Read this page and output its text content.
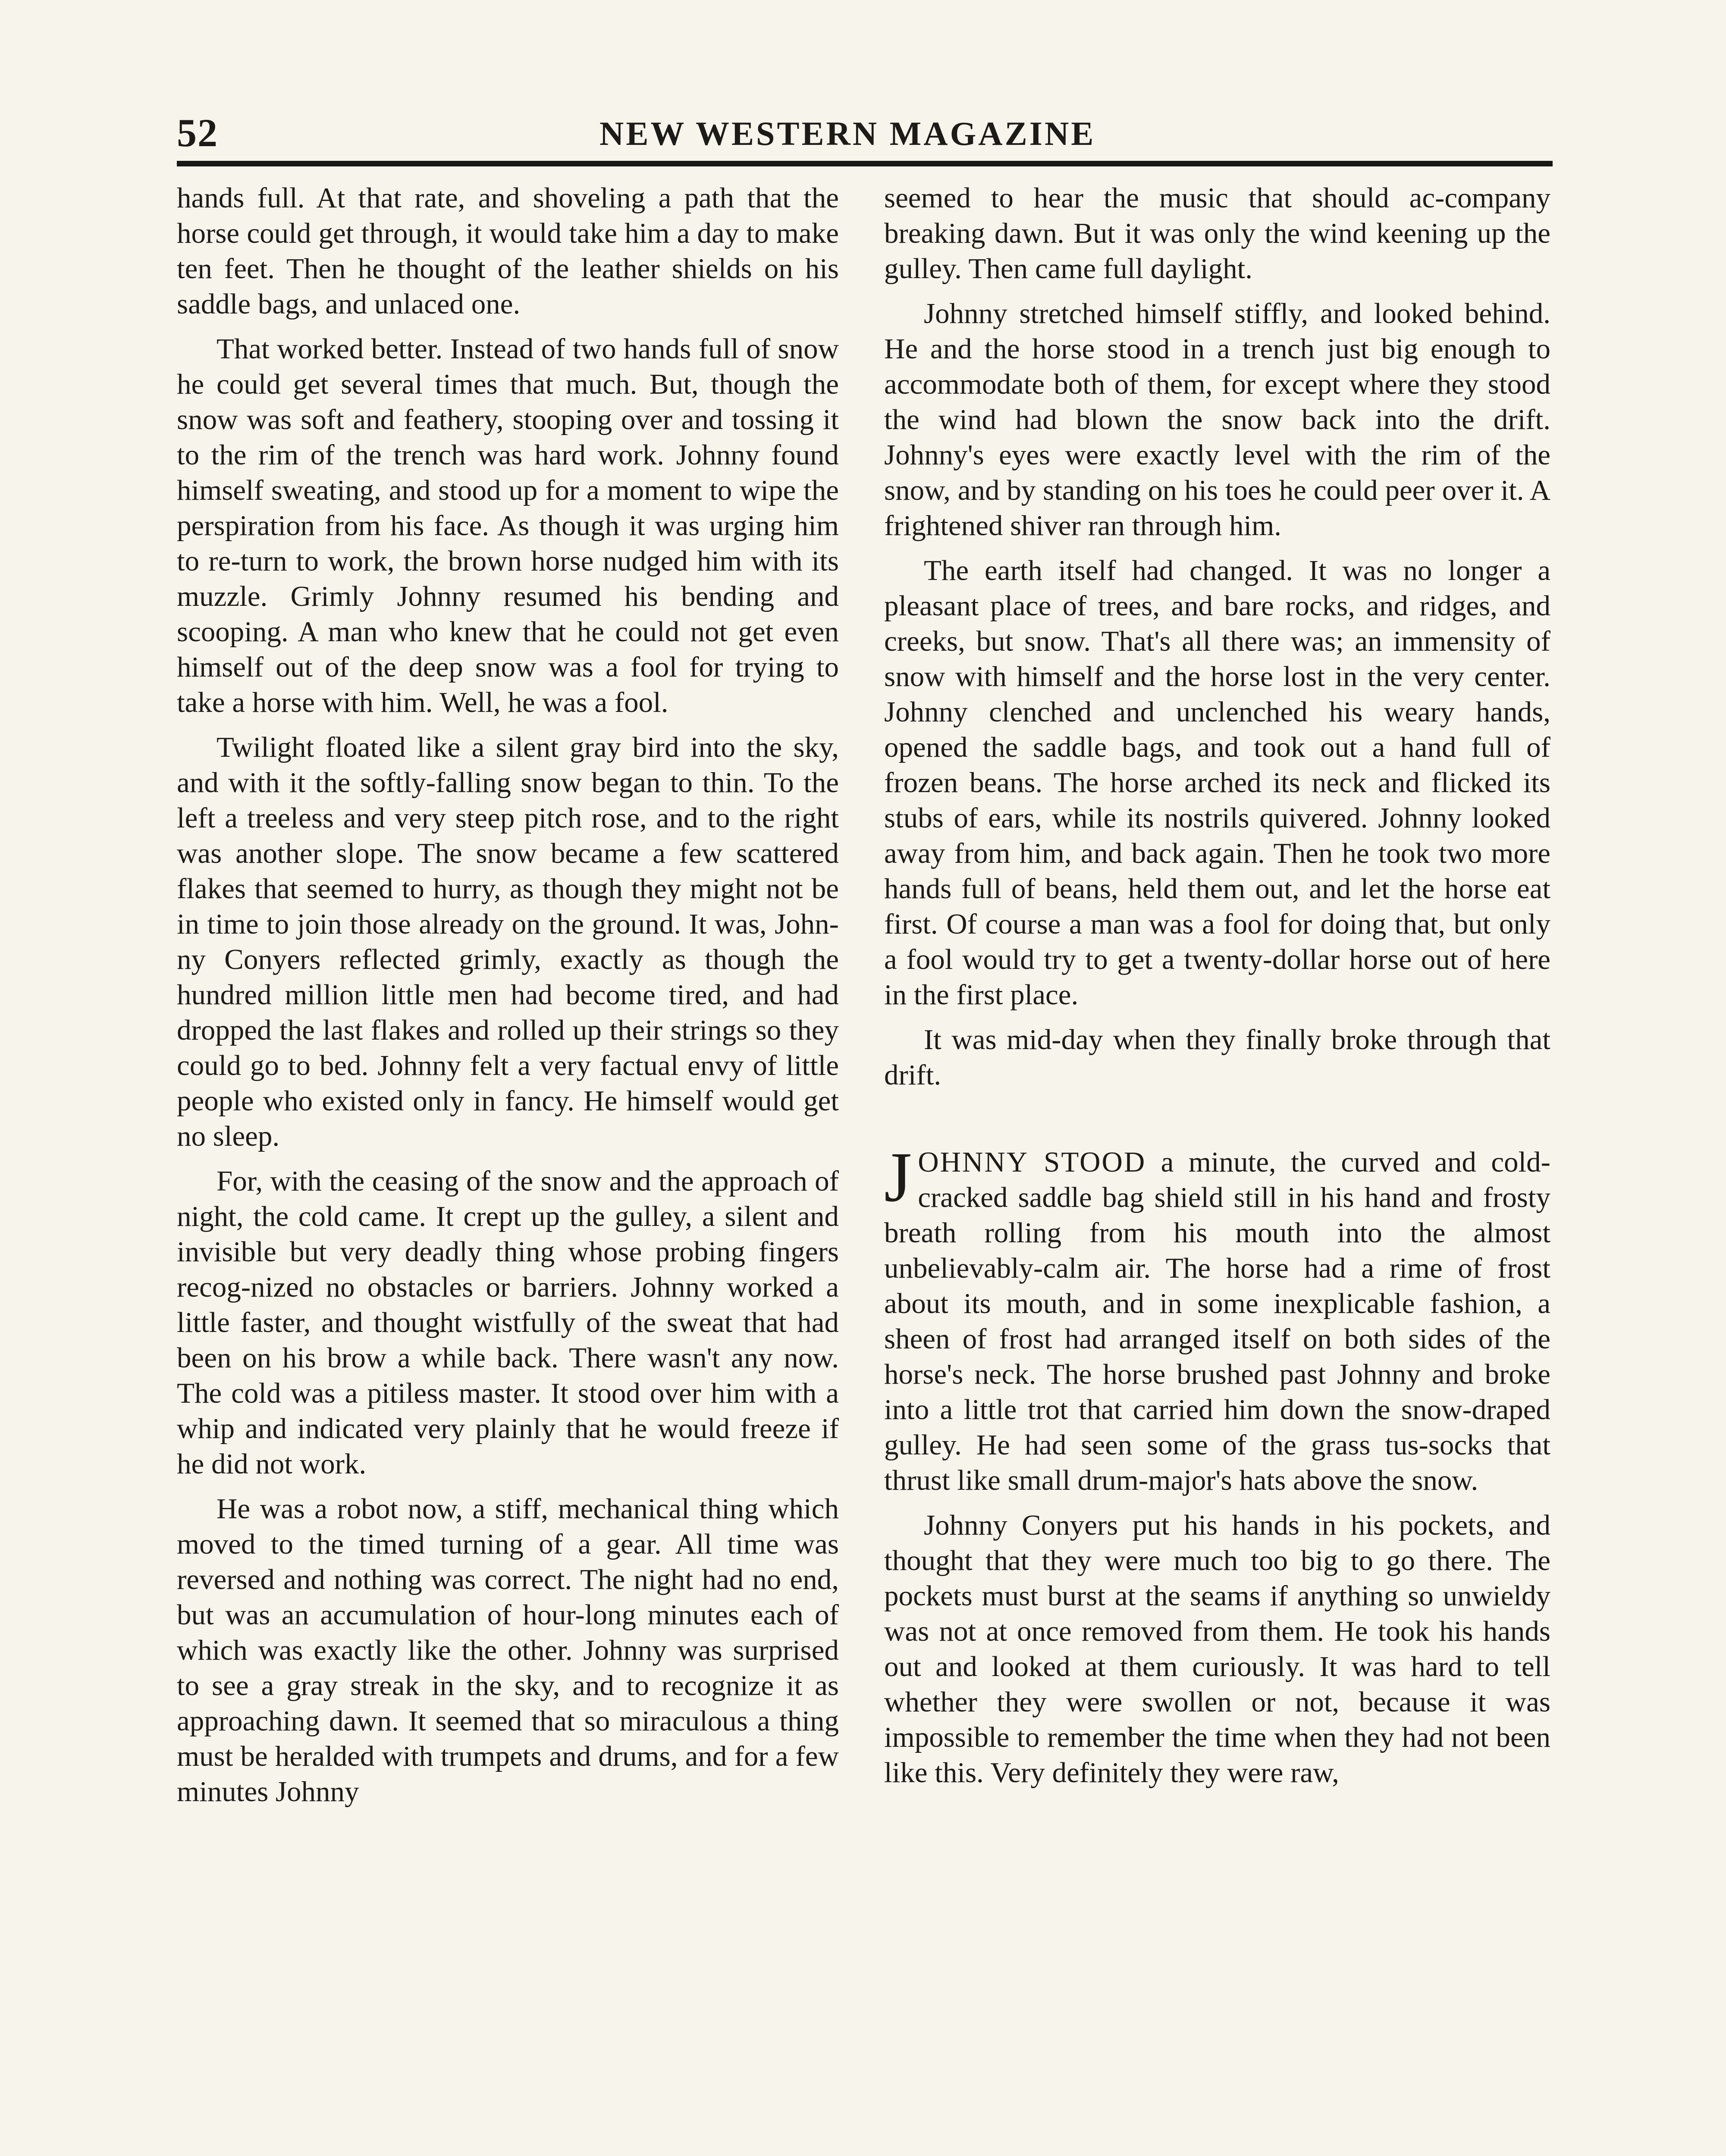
52	NEW WESTERN MAGAZINE

hands full. At that rate, and shoveling a path that the horse could get through, it would take him a day to make ten feet. Then he thought of the leather shields on his saddle bags, and unlaced one.

That worked better. Instead of two hands full of snow he could get several times that much. But, though the snow was soft and feathery, stooping over and tossing it to the rim of the trench was hard work. Johnny found himself sweating, and stood up for a moment to wipe the perspiration from his face. As though it was urging him to re-turn to work, the brown horse nudged him with its muzzle. Grimly Johnny resumed his bending and scooping. A man who knew that he could not get even himself out of the deep snow was a fool for trying to take a horse with him. Well, he was a fool.

Twilight floated like a silent gray bird into the sky, and with it the softly-falling snow began to thin. To the left a treeless and very steep pitch rose, and to the right was another slope. The snow became a few scattered flakes that seemed to hurry, as though they might not be in time to join those already on the ground. It was, John-ny Conyers reflected grimly, exactly as though the hundred million little men had become tired, and had dropped the last flakes and rolled up their strings so they could go to bed. Johnny felt a very factual envy of little people who existed only in fancy. He himself would get no sleep.

For, with the ceasing of the snow and the approach of night, the cold came. It crept up the gulley, a silent and invisible but very deadly thing whose probing fingers recog-nized no obstacles or barriers. Johnny worked a little faster, and thought wistfully of the sweat that had been on his brow a while back. There wasn't any now. The cold was a pitiless master. It stood over him with a whip and indicated very plainly that he would freeze if he did not work.

He was a robot now, a stiff, mechanical thing which moved to the timed turning of a gear. All time was reversed and nothing was correct. The night had no end, but was an accumulation of hour-long minutes each of which was exactly like the other. Johnny was surprised to see a gray streak in the sky, and to recognize it as approaching dawn. It seemed that so miraculous a thing must be heralded with trumpets and drums, and for a few minutes Johnny

seemed to hear the music that should ac-company breaking dawn. But it was only the wind keening up the gulley. Then came full daylight.

Johnny stretched himself stiffly, and looked behind. He and the horse stood in a trench just big enough to accommodate both of them, for except where they stood the wind had blown the snow back into the drift. Johnny's eyes were exactly level with the rim of the snow, and by standing on his toes he could peer over it. A frightened shiver ran through him.

The earth itself had changed. It was no longer a pleasant place of trees, and bare rocks, and ridges, and creeks, but snow. That's all there was; an immensity of snow with himself and the horse lost in the very center. Johnny clenched and unclenched his weary hands, opened the saddle bags, and took out a hand full of frozen beans. The horse arched its neck and flicked its stubs of ears, while its nostrils quivered. Johnny looked away from him, and back again. Then he took two more hands full of beans, held them out, and let the horse eat first. Of course a man was a fool for doing that, but only a fool would try to get a twenty-dollar horse out of here in the first place.

It was mid-day when they finally broke through that drift.

JOHNNY STOOD a minute, the curved and cold-cracked saddle bag shield still in his hand and frosty breath rolling from his mouth into the almost unbelievably-calm air. The horse had a rime of frost about its mouth, and in some inexplicable fashion, a sheen of frost had arranged itself on both sides of the horse's neck. The horse brushed past Johnny and broke into a little trot that carried him down the snow-draped gulley. He had seen some of the grass tus-socks that thrust like small drum-major's hats above the snow.

Johnny Conyers put his hands in his pockets, and thought that they were much too big to go there. The pockets must burst at the seams if anything so unwieldy was not at once removed from them. He took his hands out and looked at them curiously. It was hard to tell whether they were swollen or not, because it was impossible to remember the time when they had not been like this. Very definitely they were raw,
